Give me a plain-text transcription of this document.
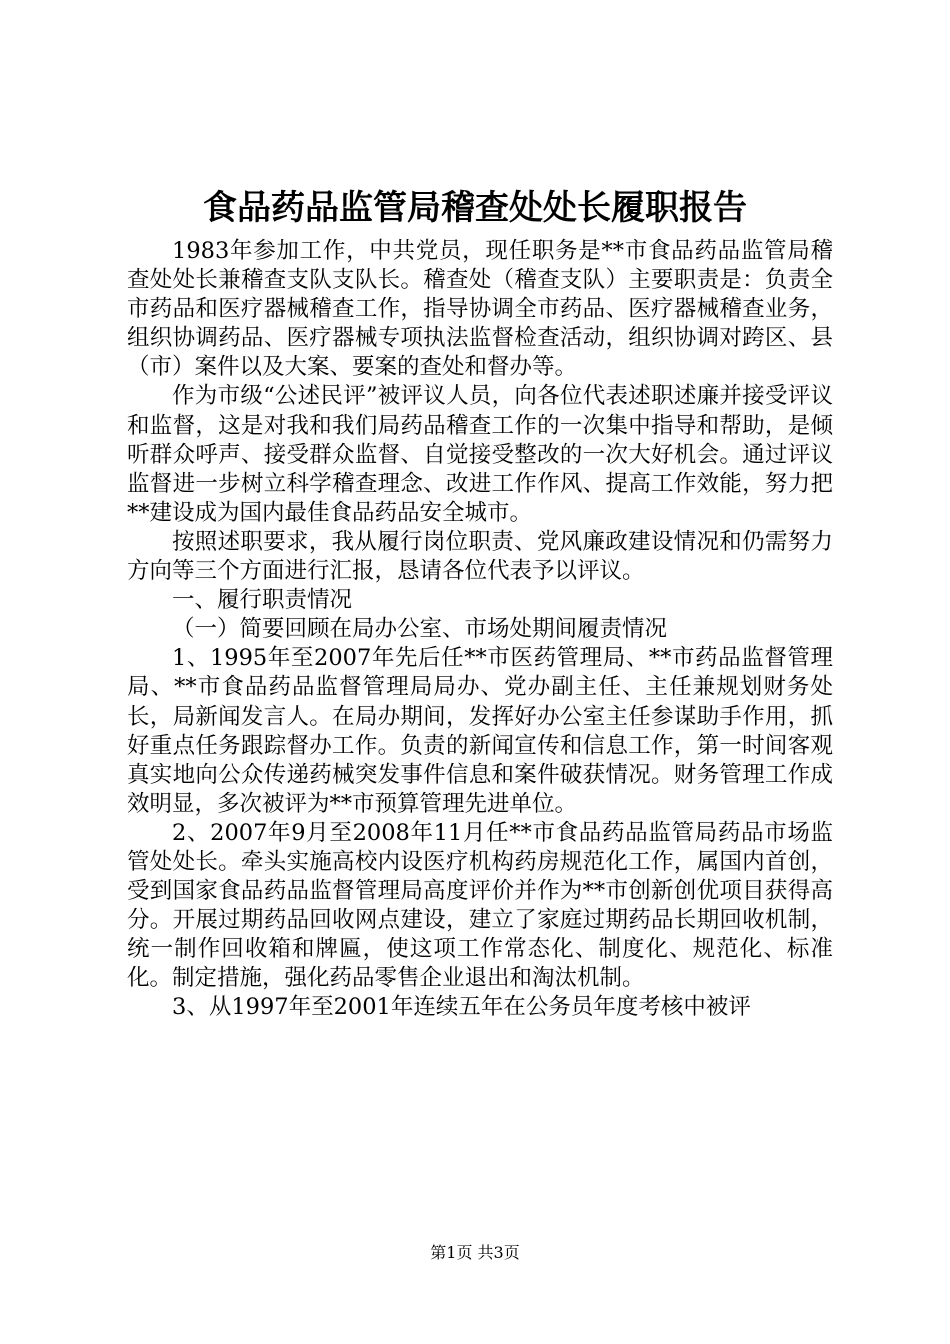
食品药品监管局稽查处处长履职报告

1983年参加工作，中共党员，现任职务是**市食品药品监管局稽查处处长兼稽查支队支队长。稽查处（稽查支队）主要职责是：负责全市药品和医疗器械稽查工作，指导协调全市药品、医疗器械稽查业务，组织协调药品、医疗器械专项执法监督检查活动，组织协调对跨区、县（市）案件以及大案、要案的查处和督办等。

作为市级“公述民评”被评议人员，向各位代表述职述廉并接受评议和监督，这是对我和我们局药品稽查工作的一次集中指导和帮助，是倾听群众呼声、接受群众监督、自觉接受整改的一次大好机会。通过评议监督进一步树立科学稽查理念、改进工作作风、提高工作效能，努力把**建设成为国内最佳食品药品安全城市。

按照述职要求，我从履行岗位职责、党风廉政建设情况和仍需努力方向等三个方面进行汇报，恳请各位代表予以评议。

一、履行职责情况

（一）简要回顾在局办公室、市场处期间履责情况

1、1995年至2007年先后任**市医药管理局、**市药品监督管理局、**市食品药品监督管理局局办、党办副主任、主任兼规划财务处长，局新闻发言人。在局办期间，发挥好办公室主任参谋助手作用，抓好重点任务跟踪督办工作。负责的新闻宣传和信息工作，第一时间客观真实地向公众传递药械突发事件信息和案件破获情况。财务管理工作成效明显，多次被评为**市预算管理先进单位。

2、2007年9月至2008年11月任**市食品药品监管局药品市场监管处处长。牵头实施高校内设医疗机构药房规范化工作，属国内首创，受到国家食品药品监督管理局高度评价并作为**市创新创优项目获得高分。开展过期药品回收网点建设，建立了家庭过期药品长期回收机制，统一制作回收箱和牌匾，使这项工作常态化、制度化、规范化、标准化。制定措施，强化药品零售企业退出和淘汰机制。

3、从1997年至2001年连续五年在公务员年度考核中被评

第1页 共3页
